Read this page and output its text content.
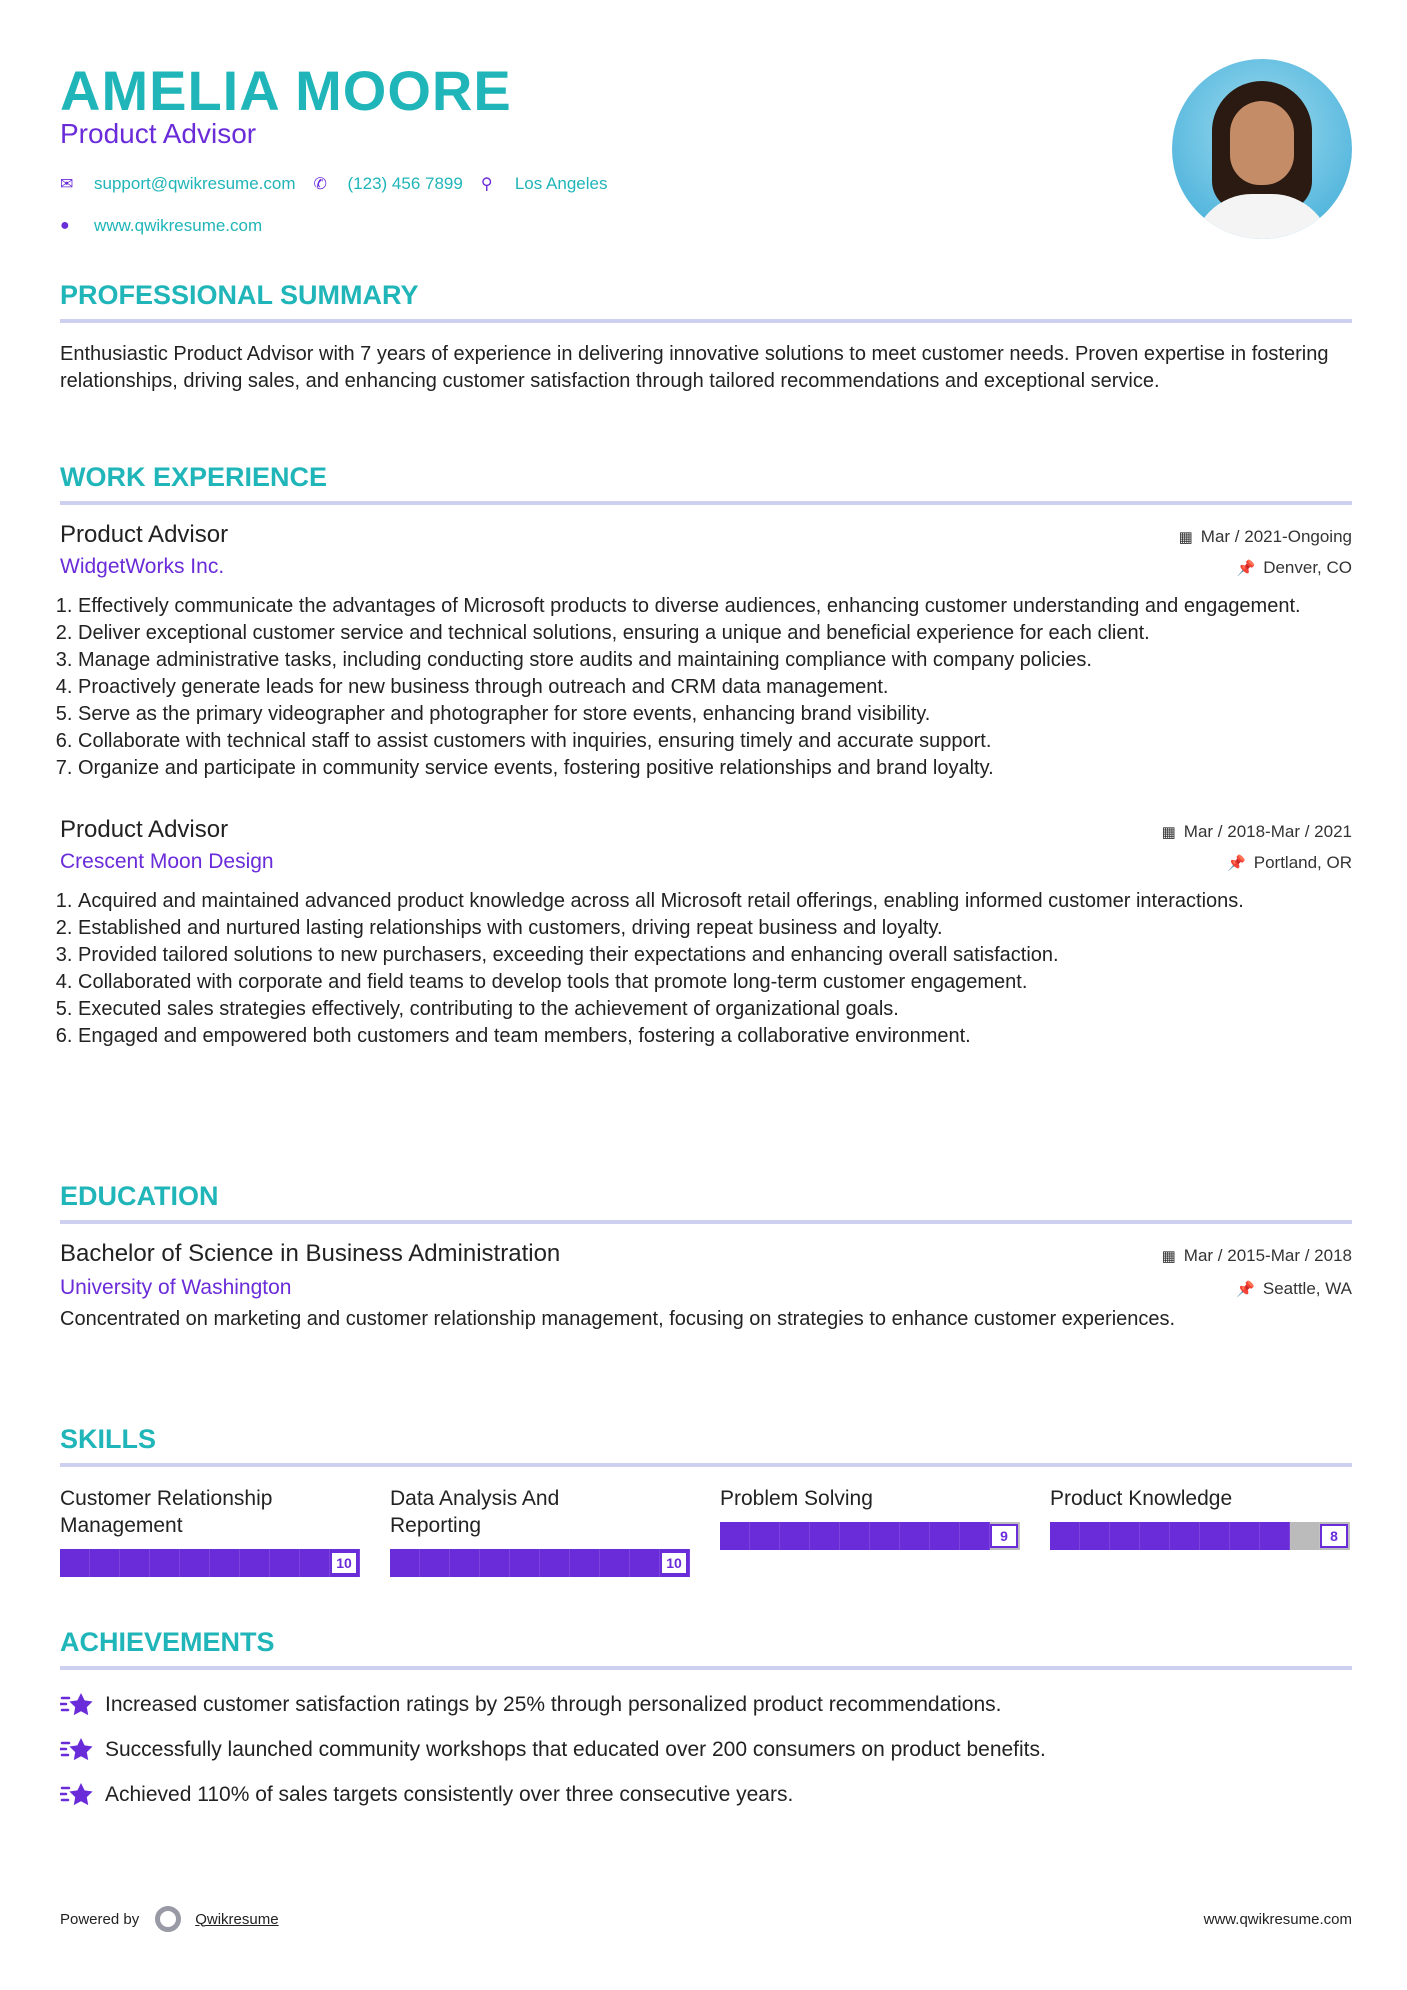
AMELIA MOORE
Product Advisor
✉	support@qwikresume.com ✆	(123) 456 7899 ⚲	Los Angeles
●	www.qwikresume.com
PROFESSIONAL SUMMARY

Enthusiastic Product Advisor with 7 years of experience in delivering innovative solutions to meet customer needs. Proven expertise in fostering relationships, driving sales, and enhancing customer satisfaction through tailored recommendations and exceptional service.

WORK EXPERIENCE
Product Advisor	▦ Mar / 2021-Ongoing
WidgetWorks Inc.	📌 Denver, CO
1. Effectively communicate the advantages of Microsoft products to diverse audiences, enhancing customer understanding and engagement.
2. Deliver exceptional customer service and technical solutions, ensuring a unique and beneficial experience for each client.
3. Manage administrative tasks, including conducting store audits and maintaining compliance with company policies.
4. Proactively generate leads for new business through outreach and CRM data management.
5. Serve as the primary videographer and photographer for store events, enhancing brand visibility.
6. Collaborate with technical staff to assist customers with inquiries, ensuring timely and accurate support.
7. Organize and participate in community service events, fostering positive relationships and brand loyalty.
Product Advisor	▦ Mar / 2018-Mar / 2021
Crescent Moon Design	📌 Portland, OR
1. Acquired and maintained advanced product knowledge across all Microsoft retail offerings, enabling informed customer interactions.
2. Established and nurtured lasting relationships with customers, driving repeat business and loyalty.
3. Provided tailored solutions to new purchasers, exceeding their expectations and enhancing overall satisfaction.
4. Collaborated with corporate and field teams to develop tools that promote long-term customer engagement.
5. Executed sales strategies effectively, contributing to the achievement of organizational goals.
6. Engaged and empowered both customers and team members, fostering a collaborative environment.
EDUCATION
Bachelor of Science in Business Administration	▦ Mar / 2015-Mar / 2018
University of Washington	📌 Seattle, WA

Concentrated on marketing and customer relationship management, focusing on strategies to enhance customer experiences.

SKILLS
Customer Relationship Management
10
Data Analysis And Reporting
10
Problem Solving
9
Product Knowledge
8
ACHIEVEMENTS
Increased customer satisfaction ratings by 25% through personalized product recommendations.
Successfully launched community workshops that educated over 200 consumers on product benefits.
Achieved 110% of sales targets consistently over three consecutive years.
Powered by	Qwikresume	www.qwikresume.com
